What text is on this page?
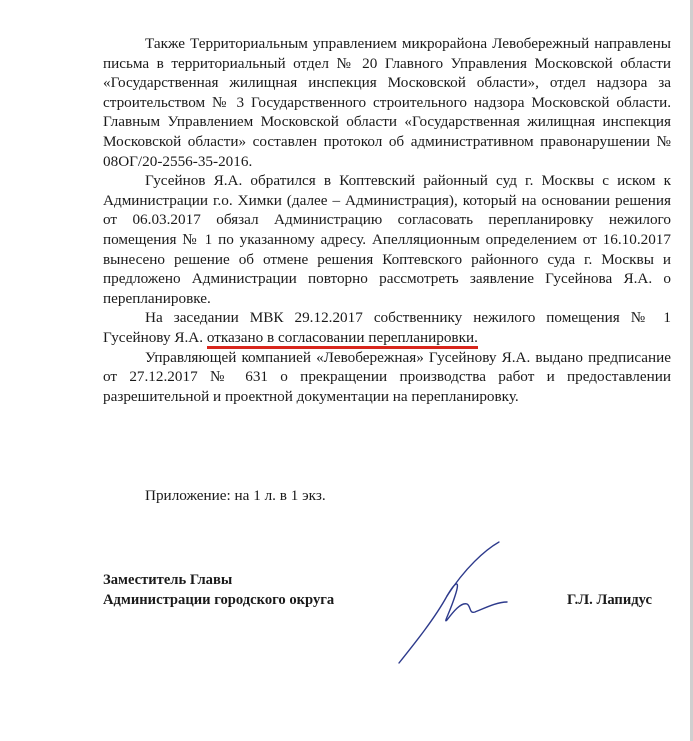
Также Территориальным управлением микрорайона Левобережный направлены письма в территориальный отдел № 20 Главного Управления Московской области «Государственная жилищная инспекция Московской области», отдел надзора за строительством № 3 Государственного строительного надзора Московской области. Главным Управлением Московской области «Государственная жилищная инспекция Московской области» составлен протокол об административном правонарушении № 08ОГ/20-2556-35-2016.

Гусейнов Я.А. обратился в Коптевский районный суд г. Москвы с иском к Администрации г.о. Химки (далее – Администрация), который на основании решения от 06.03.2017 обязал Администрацию согласовать перепланировку нежилого помещения № 1 по указанному адресу. Апелляционным определением от 16.10.2017 вынесено решение об отмене решения Коптевского районного суда г. Москвы и предложено Администрации повторно рассмотреть заявление Гусейнова Я.А. о перепланировке.

На заседании МВК 29.12.2017 собственнику нежилого помещения № 1 Гусейнову Я.А. отказано в согласовании перепланировки.

Управляющей компанией «Левобережная» Гусейнову Я.А. выдано предписание от 27.12.2017 № 631 о прекращении производства работ и предоставлении разрешительной и проектной документации на перепланировку.

Приложение: на 1 л. в 1 экз.
Заместитель Главы
Администрации городского округа	Г.Л. Лапидус
